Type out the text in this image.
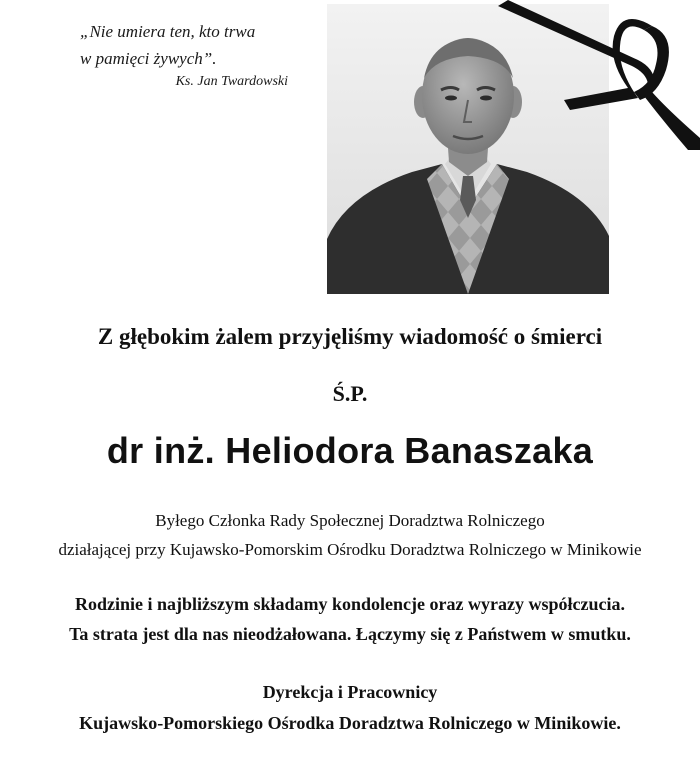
„Nie umiera ten, kto trwa
w pamięci żywych”.
Ks. Jan Twardowski
Z głębokim żalem przyjęliśmy wiadomość o śmierci
Ś.P.
dr inż. Heliodora Banaszaka
Byłego Członka Rady Społecznej Doradztwa Rolniczego
działającej przy Kujawsko-Pomorskim Ośrodku Doradztwa Rolniczego w Minikowie
Rodzinie i najbliższym składamy kondolencje oraz wyrazy współczucia.
Ta strata jest dla nas nieodżałowana. Łączymy się z Państwem w smutku.
Dyrekcja i Pracownicy
Kujawsko-Pomorskiego Ośrodka Doradztwa Rolniczego w Minikowie.
